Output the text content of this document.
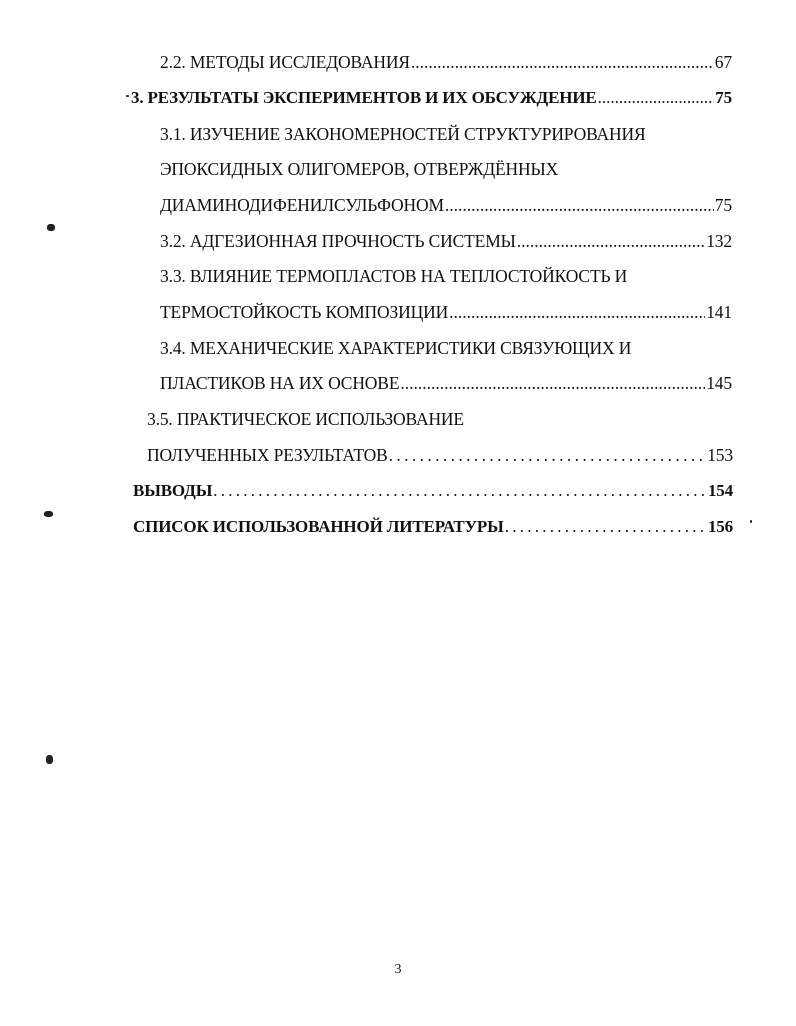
2.2. МЕТОДЫ ИССЛЕДОВАНИЯ .....	67
3. РЕЗУЛЬТАТЫ ЭКСПЕРИМЕНТОВ И ИХ ОБСУЖДЕНИЕ .....	75
3.1. ИЗУЧЕНИЕ ЗАКОНОМЕРНОСТЕЙ СТРУКТУРИРОВАНИЯ
ЭПОКСИДНЫХ ОЛИГОМЕРОВ, ОТВЕРЖДЁННЫХ
ДИАМИНОДИФЕНИЛСУЛЬФОНОМ .....	75
3.2. АДГЕЗИОННАЯ ПРОЧНОСТЬ СИСТЕМЫ .....	132
3.3. ВЛИЯНИЕ ТЕРМОПЛАСТОВ НА ТЕПЛОСТОЙКОСТЬ И
ТЕРМОСТОЙКОСТЬ КОМПОЗИЦИИ .....	141
3.4. МЕХАНИЧЕСКИЕ ХАРАКТЕРИСТИКИ СВЯЗУЮЩИХ И
ПЛАСТИКОВ НА ИХ ОСНОВЕ .....	145
3.5. ПРАКТИЧЕСКОЕ ИСПОЛЬЗОВАНИЕ
ПОЛУЧЕННЫХ РЕЗУЛЬТАТОВ . . .	153
ВЫВОДЫ . . .	154
СПИСОК ИСПОЛЬЗОВАННОЙ ЛИТЕРАТУРЫ . . .	156
3
